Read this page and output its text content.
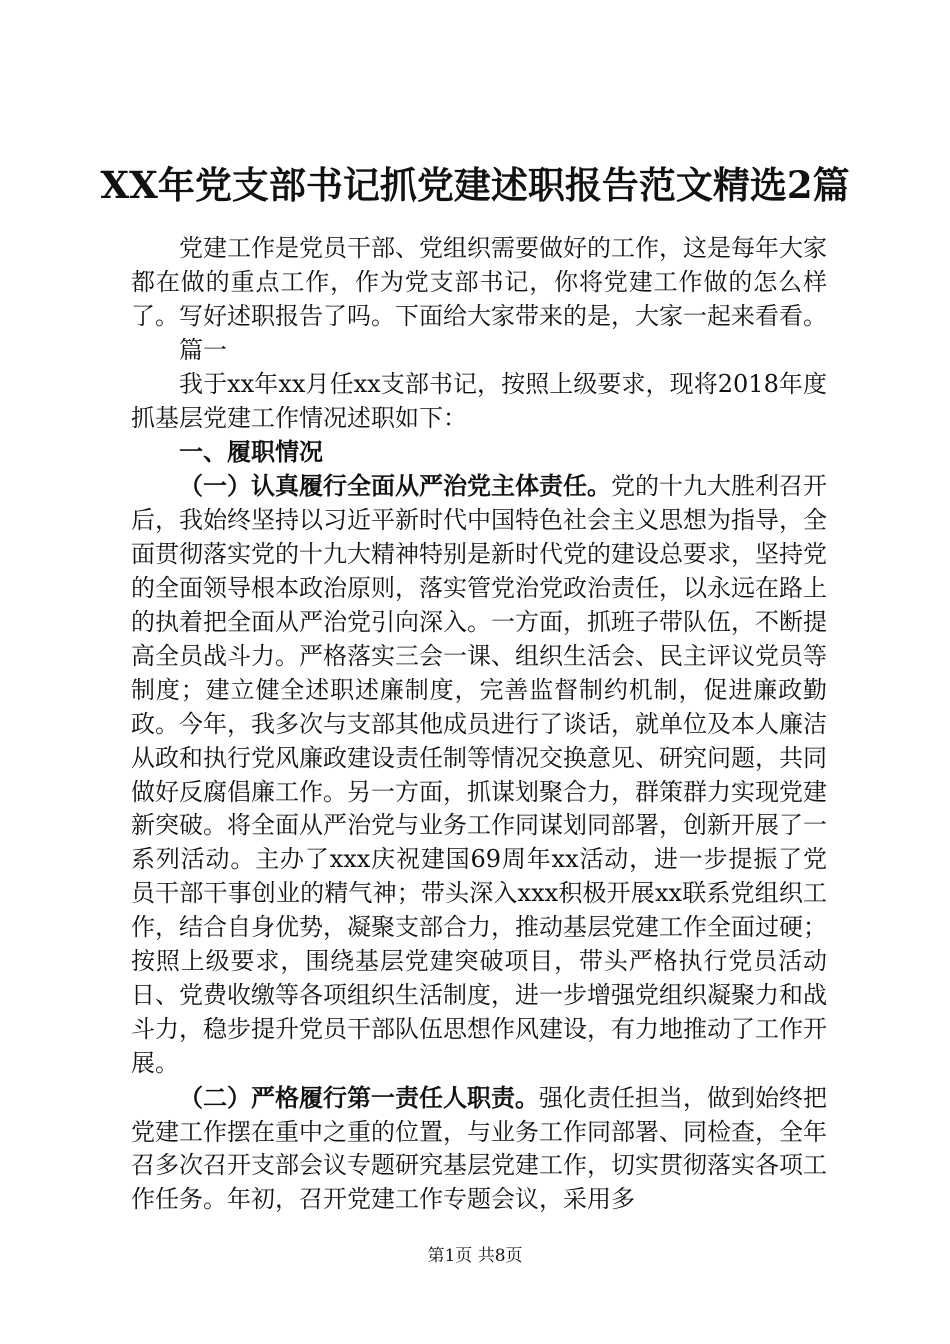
XX年党支部书记抓党建述职报告范文精选2篇

党建工作是党员干部、党组织需要做好的工作，这是每年大家都在做的重点工作，作为党支部书记，你将党建工作做的怎么样了。写好述职报告了吗。下面给大家带来的是，大家一起来看看。

篇一

我于xx年xx月任xx支部书记，按照上级要求，现将2018年度抓基层党建工作情况述职如下：

一、履职情况

（一）认真履行全面从严治党主体责任。党的十九大胜利召开后，我始终坚持以习近平新时代中国特色社会主义思想为指导，全面贯彻落实党的十九大精神特别是新时代党的建设总要求，坚持党的全面领导根本政治原则，落实管党治党政治责任，以永远在路上的执着把全面从严治党引向深入。一方面，抓班子带队伍，不断提高全员战斗力。严格落实三会一课、组织生活会、民主评议党员等制度；建立健全述职述廉制度，完善监督制约机制，促进廉政勤政。今年，我多次与支部其他成员进行了谈话，就单位及本人廉洁从政和执行党风廉政建设责任制等情况交换意见、研究问题，共同做好反腐倡廉工作。另一方面，抓谋划聚合力，群策群力实现党建新突破。将全面从严治党与业务工作同谋划同部署，创新开展了一系列活动。主办了xxx庆祝建国69周年xx活动，进一步提振了党员干部干事创业的精气神；带头深入xxx积极开展xx联系党组织工作，结合自身优势，凝聚支部合力，推动基层党建工作全面过硬；按照上级要求，围绕基层党建突破项目，带头严格执行党员活动日、党费收缴等各项组织生活制度，进一步增强党组织凝聚力和战斗力，稳步提升党员干部队伍思想作风建设，有力地推动了工作开展。

（二）严格履行第一责任人职责。强化责任担当，做到始终把党建工作摆在重中之重的位置，与业务工作同部署、同检查，全年召多次召开支部会议专题研究基层党建工作，切实贯彻落实各项工作任务。年初，召开党建工作专题会议，采用多

第1页 共8页
